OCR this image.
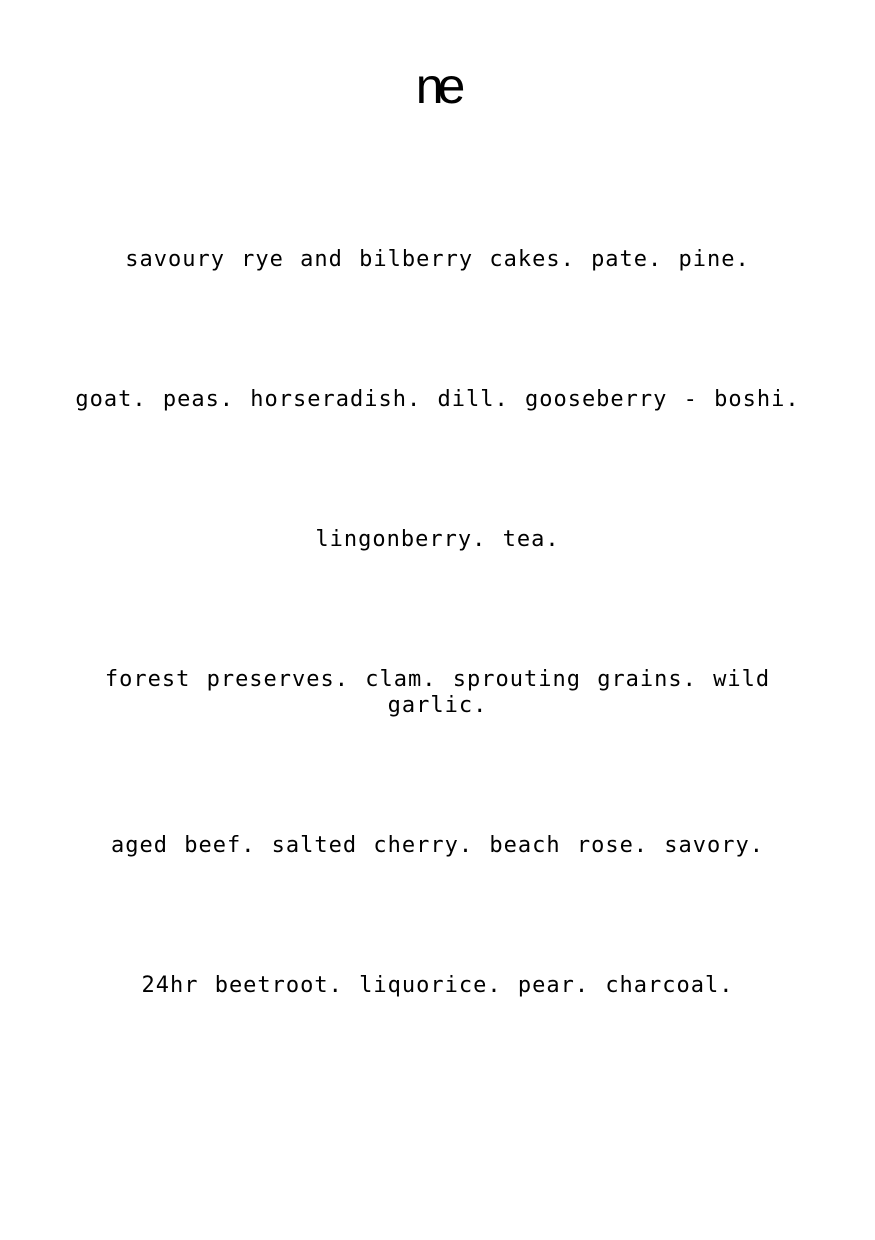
ne
savoury rye and bilberry cakes. pate. pine.
goat. peas. horseradish. dill. gooseberry - boshi.
lingonberry. tea.
forest preserves. clam. sprouting grains. wild garlic.
aged beef. salted cherry. beach rose. savory.
24hr beetroot. liquorice. pear. charcoal.
